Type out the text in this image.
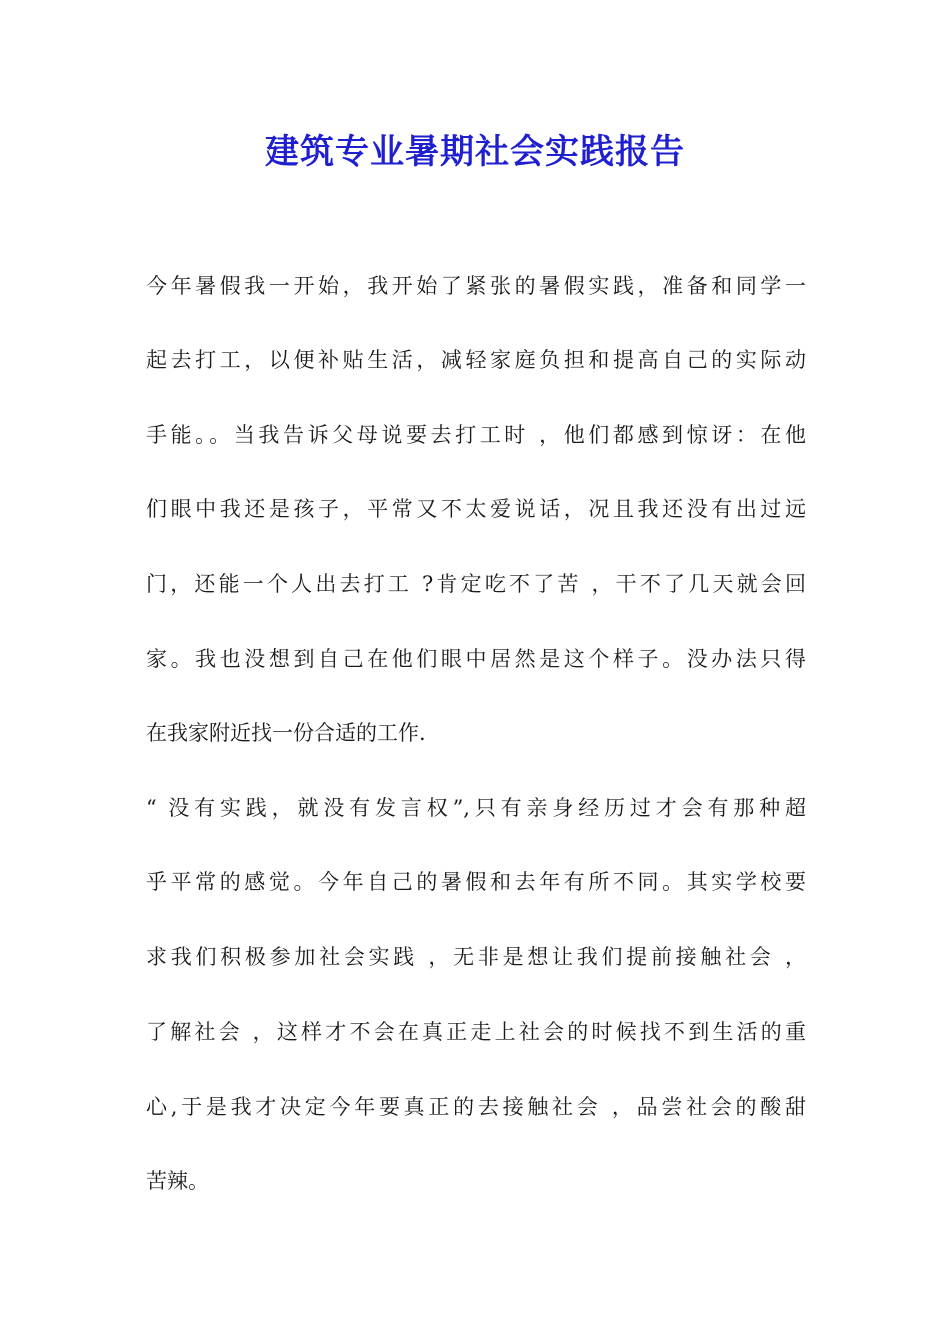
建筑专业暑期社会实践报告
今年暑假我一开始，我开始了紧张的暑假实践，准备和同学一
起去打工，以便补贴生活，减轻家庭负担和提高自己的实际动
手能。。当我告诉父母说要去打工时 ，他们都感到惊讶：在他
们眼中我还是孩子，平常又不太爱说话，况且我还没有出过远
门，还能一个人出去打工 ?肯定吃不了苦 ，干不了几天就会回
家。我也没想到自己在他们眼中居然是这个样子。没办法只得
在我家附近找一份合适的工作.
“ 没有实践，就没有发言权”,只有亲身经历过才会有那种超
乎平常的感觉。今年自己的暑假和去年有所不同。其实学校要
求我们积极参加社会实践 ，无非是想让我们提前接触社会 ，
了解社会 ，这样才不会在真正走上社会的时候找不到生活的重
心,于是我才决定今年要真正的去接触社会 ，品尝社会的酸甜
苦辣。
